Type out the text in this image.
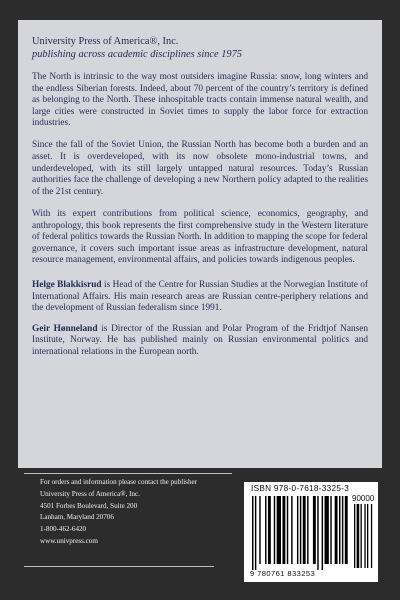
University Press of America®, Inc.
publishing across academic disciplines since 1975
The North is intrinsic to the way most outsiders imagine Russia: snow, long winters and the endless Siberian forests. Indeed, about 70 percent of the country’s territory is defined as belonging to the North. These inhospitable tracts contain immense natural wealth, and large cities were constructed in Soviet times to supply the labor force for extraction industries.
Since the fall of the Soviet Union, the Russian North has become both a burden and an asset. It is overdeveloped, with its now obsolete mono-industrial towns, and underdeveloped, with its still largely untapped natural resources. Today’s Russian authorities face the challenge of developing a new Northern policy adapted to the realities of the 21st century.
With its expert contributions from political science, economics, geography, and anthropology, this book represents the first comprehensive study in the Western literature of federal politics towards the Russian North. In addition to mapping the scope for federal governance, it covers such important issue areas as infrastructure development, natural resource management, environmental affairs, and policies towards indigenous peoples.
Helge Blakkisrud is Head of the Centre for Russian Studies at the Norwegian Institute of International Affairs. His main research areas are Russian centre-periphery relations and the development of Russian federalism since 1991.
Geir Hønneland is Director of the Russian and Polar Program of the Fridtjof Nansen Institute, Norway. He has published mainly on Russian environmental politics and international relations in the European north.
For orders and information please contact the publisher
University Press of America®, Inc.
4501 Forbes Boulevard, Suite 200
Lanham, Maryland 20706
1-800-462-6420
www.univpress.com
ISBN 978-0-7618-3325-3
90000
9 780761 833253
